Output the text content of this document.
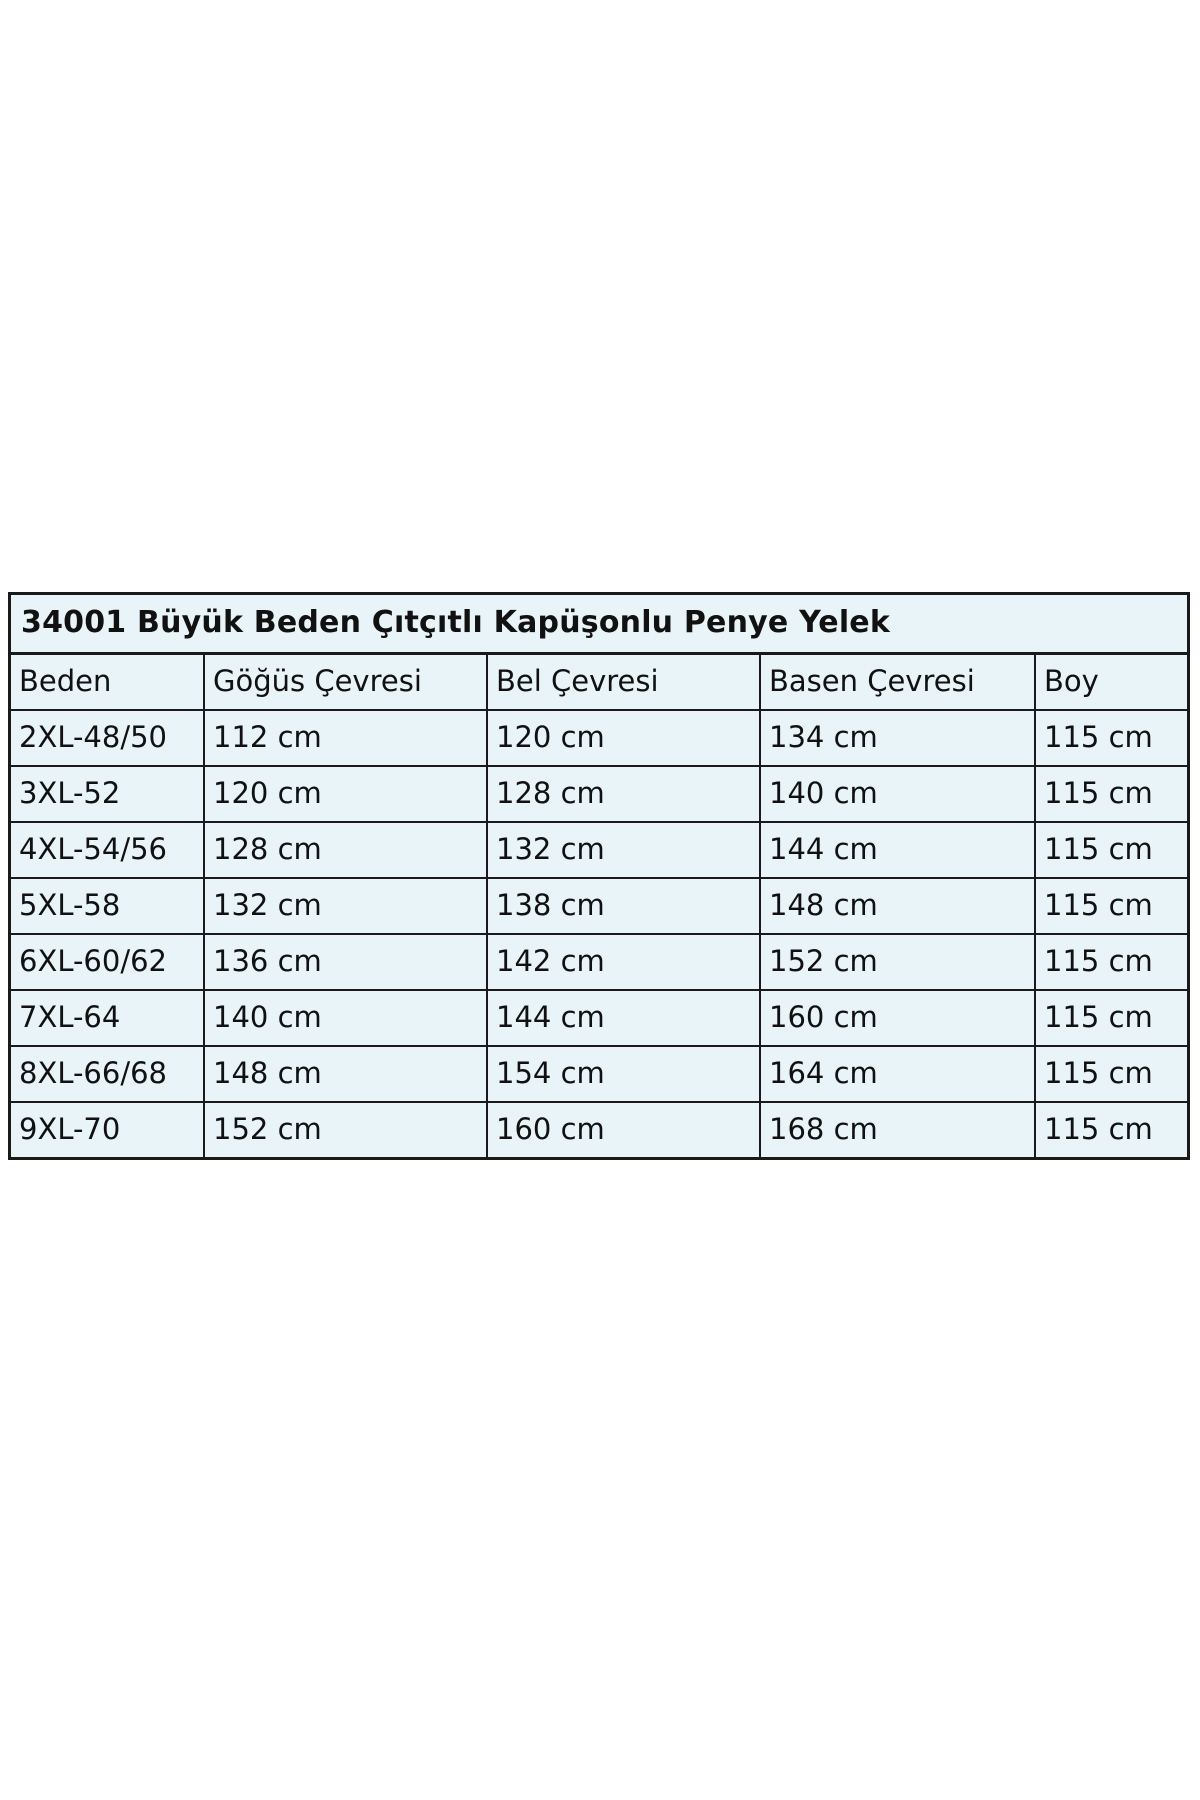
34001 Büyük Beden Çıtçıtlı Kapüşonlu Penye Yelek
Beden	Göğüs Çevresi	Bel Çevresi	Basen Çevresi	Boy
2XL-48/50	112 cm	120 cm	134 cm	115 cm
3XL-52	120 cm	128 cm	140 cm	115 cm
4XL-54/56	128 cm	132 cm	144 cm	115 cm
5XL-58	132 cm	138 cm	148 cm	115 cm
6XL-60/62	136 cm	142 cm	152 cm	115 cm
7XL-64	140 cm	144 cm	160 cm	115 cm
8XL-66/68	148 cm	154 cm	164 cm	115 cm
9XL-70	152 cm	160 cm	168 cm	115 cm
